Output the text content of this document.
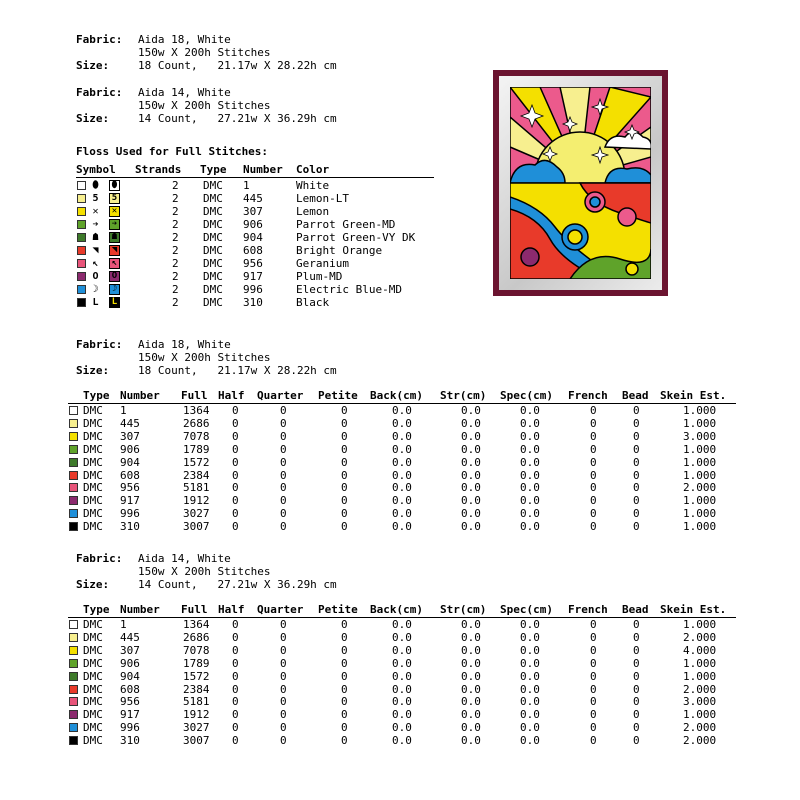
Fabric: Aida 18, White
150w X 200h Stitches
Size:	18 Count,   21.17w X 28.22h cm
Fabric: Aida 14, White
150w X 200h Stitches
Size:	14 Count,   27.21w X 36.29h cm
Floss Used for Full Stitches:
Symbol Strands Type Number Color
⬮ ⬮	2 DMC 1	White
5	5	2 DMC 445	Lemon-LT
✕	✕	2 DMC 307	Lemon
➔	➔	2 DMC 906	Parrot Green-MD
☗	☗	2 DMC 904	Parrot Green-VY DK
◥	◥	2 DMC 608	Bright Orange
↖	↖	2 DMC 956	Geranium
O	O	2 DMC 917	Plum-MD
☽	☽	2 DMC 996	Electric Blue-MD
L	L	2 DMC 310	Black
Fabric: Aida 18, White
150w X 200h Stitches
Size:	18 Count,   21.17w X 28.22h cm
Type Number Full Half Quarter Petite Back(cm) Str(cm) Spec(cm) French Bead Skein Est.
DMC 1	1364 0	0	0	0.0	0.0	0.0	0	0	1.000
DMC 445	2686 0	0	0	0.0	0.0	0.0	0	0	1.000
DMC 307	7078 0	0	0	0.0	0.0	0.0	0	0	3.000
DMC 906	1789 0	0	0	0.0	0.0	0.0	0	0	1.000
DMC 904	1572 0	0	0	0.0	0.0	0.0	0	0	1.000
DMC 608	2384 0	0	0	0.0	0.0	0.0	0	0	1.000
DMC 956	5181 0	0	0	0.0	0.0	0.0	0	0	2.000
DMC 917	1912 0	0	0	0.0	0.0	0.0	0	0	1.000
DMC 996	3027 0	0	0	0.0	0.0	0.0	0	0	1.000
DMC 310	3007 0	0	0	0.0	0.0	0.0	0	0	1.000
Fabric: Aida 14, White
150w X 200h Stitches
Size:	14 Count,   27.21w X 36.29h cm
Type Number Full Half Quarter Petite Back(cm) Str(cm) Spec(cm) French Bead Skein Est.
DMC 1	1364 0	0	0	0.0	0.0	0.0	0	0	1.000
DMC 445	2686 0	0	0	0.0	0.0	0.0	0	0	2.000
DMC 307	7078 0	0	0	0.0	0.0	0.0	0	0	4.000
DMC 906	1789 0	0	0	0.0	0.0	0.0	0	0	1.000
DMC 904	1572 0	0	0	0.0	0.0	0.0	0	0	1.000
DMC 608	2384 0	0	0	0.0	0.0	0.0	0	0	2.000
DMC 956	5181 0	0	0	0.0	0.0	0.0	0	0	3.000
DMC 917	1912 0	0	0	0.0	0.0	0.0	0	0	1.000
DMC 996	3027 0	0	0	0.0	0.0	0.0	0	0	2.000
DMC 310	3007 0	0	0	0.0	0.0	0.0	0	0	2.000
